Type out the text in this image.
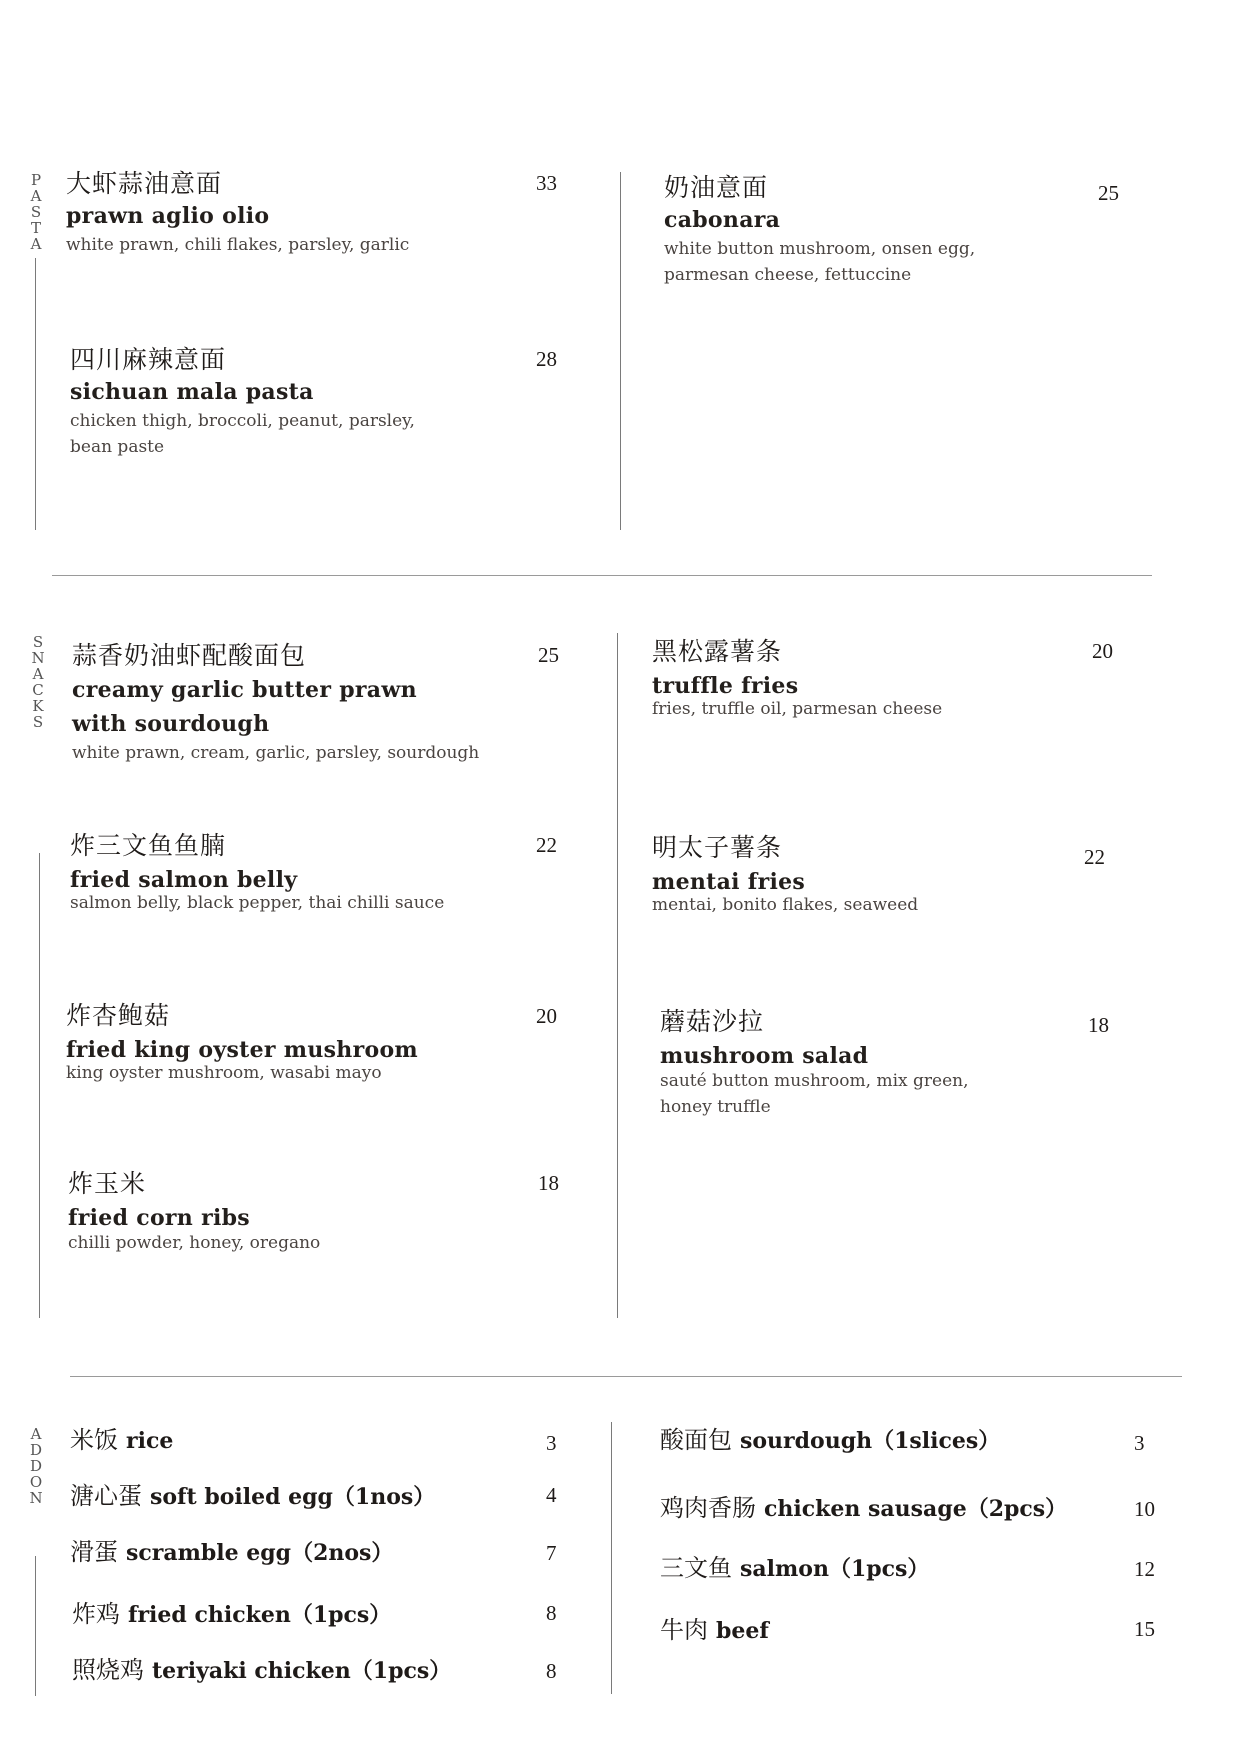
P
A
S
T
A
大虾蒜油意面
prawn aglio olio
white prawn, chili flakes, parsley, garlic
33
四川麻辣意面
sichuan mala pasta
chicken thigh, broccoli, peanut, parsley,
bean paste
28
奶油意面
cabonara
white button mushroom, onsen egg,
parmesan cheese, fettuccine
25
S
N
A
C
K
S
蒜香奶油虾配酸面包
creamy garlic butter prawn
with sourdough
white prawn, cream, garlic, parsley, sourdough
25
炸三文鱼鱼腩
fried salmon belly
salmon belly, black pepper, thai chilli sauce
22
炸杏鲍菇
fried king oyster mushroom
king oyster mushroom, wasabi mayo
20
炸玉米
fried corn ribs
chilli powder, honey, oregano
18
黑松露薯条
truffle fries
fries, truffle oil, parmesan cheese
20
明太子薯条
mentai fries
mentai, bonito flakes, seaweed
22
蘑菇沙拉
mushroom salad
sauté button mushroom, mix green,
honey truffle
18
A
D
D
O
N
米饭 rice	3
溏心蛋 soft boiled egg（1nos）	4
滑蛋 scramble egg（2nos）	7
炸鸡 fried chicken（1pcs）	8
照烧鸡 teriyaki chicken（1pcs）	8
酸面包 sourdough（1slices）	3
鸡肉香肠 chicken sausage（2pcs）	10
三文鱼 salmon（1pcs）	12
牛肉 beef	15
